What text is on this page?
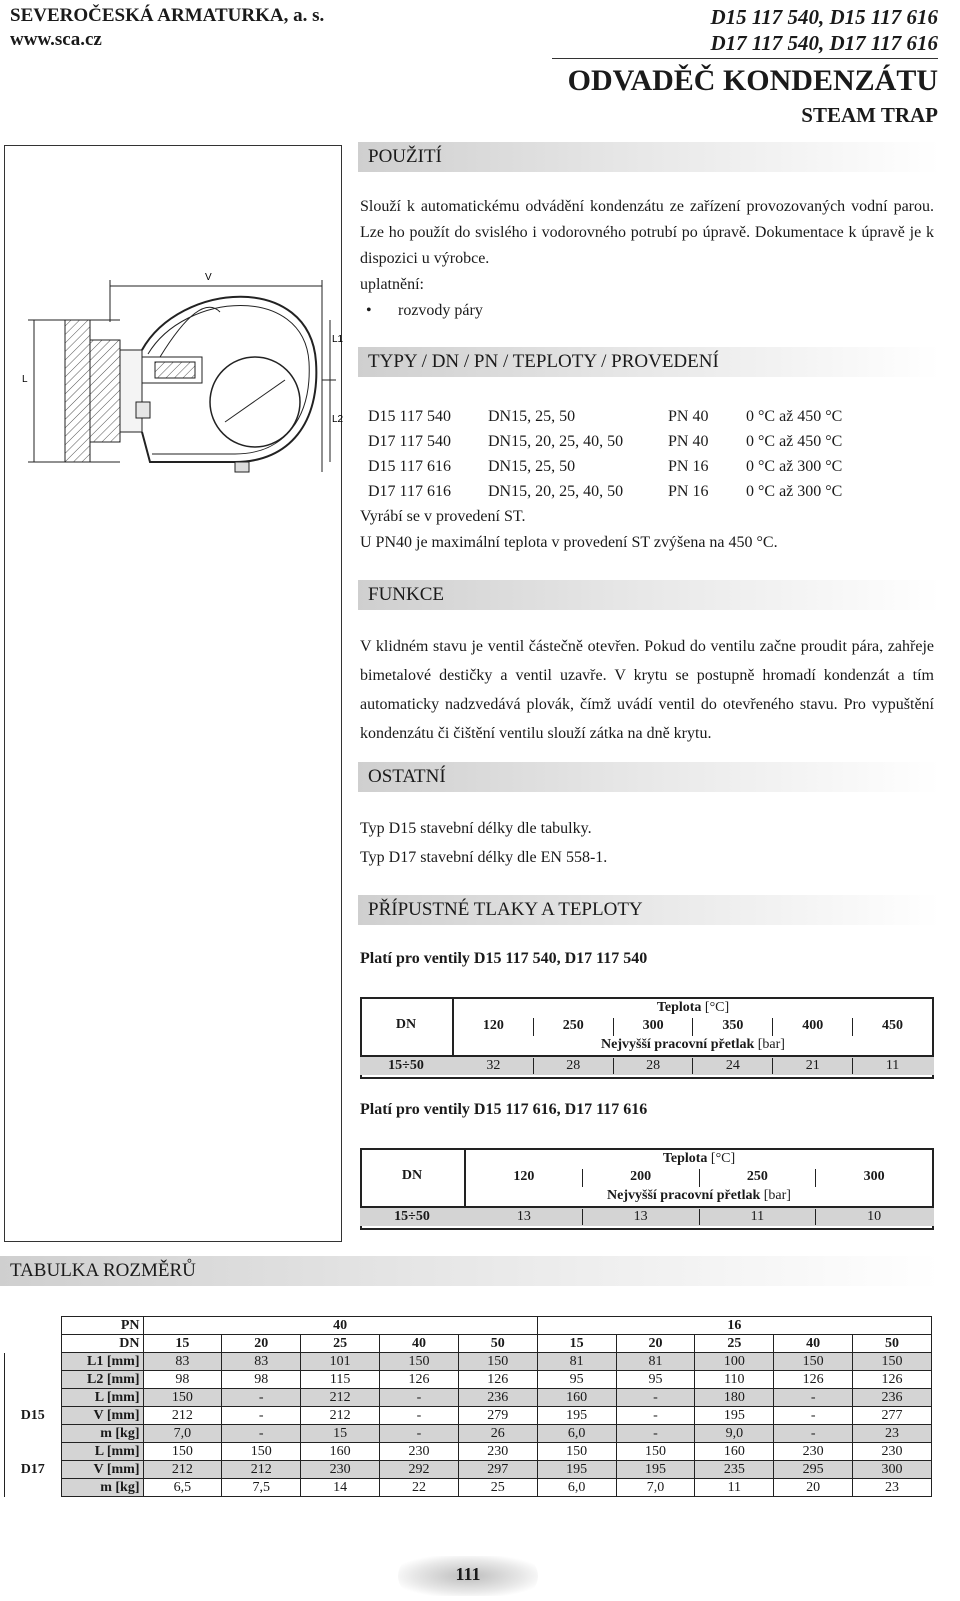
SEVEROČESKÁ ARMATURKA, a. s.
www.sca.cz
D15 117 540, D15 117 616
D17 117 540, D17 117 616
ODVADĚČ KONDENZÁTU
STEAM TRAP
V
L
L1
L2
POUŽITÍ
Slouží k automatickému odvádění kondenzátu ze zařízení provozovaných vodní parou. Lze ho použít do svislého i vodorovného potrubí po úpravě. Dokumentace k úpravě je k dispozici u výrobce.
uplatnění:
• rozvody páry
TYPY / DN / PN / TEPLOTY / PROVEDENÍ
D15 117 540	DN15, 25, 50	PN 40	0 °C až 450 °C
D17 117 540	DN15, 20, 25, 40, 50	PN 40	0 °C až 450 °C
D15 117 616	DN15, 25, 50	PN 16	0 °C až 300 °C
D17 117 616	DN15, 20, 25, 40, 50	PN 16	0 °C až 300 °C
Vyrábí se v provedení ST.
U PN40 je maximální teplota v provedení ST zvýšena na 450 °C.
FUNKCE
V klidném stavu je ventil částečně otevřen. Pokud do ventilu začne proudit pára, zahřeje bimetalové destičky a ventil uzavře. V krytu se postupně hromadí kondenzát a tím automaticky nadzvedává plovák, čímž uvádí ventil do otevřeného stavu. Pro vypuštění kondenzátu či čištění ventilu slouží zátka na dně krytu.
OSTATNÍ
Typ D15 stavební délky dle tabulky.
Typ D17 stavební délky dle EN 558-1.
PŘÍPUSTNÉ TLAKY A TEPLOTY
Platí pro ventily D15 117 540, D17 117 540
DN
Teplota [°C]
Nejvyšší pracovní přetlak [bar]
120	250	300	350	400	450
15÷50	32	28	28	24	21	11
Platí pro ventily D15 117 616, D17 117 616
DN
Teplota [°C]
Nejvyšší pracovní přetlak [bar]
120	200	250	300
15÷50	13	13	11	10
TABULKA ROZMĚRŮ
	PN	40					16				
	DN	15	20	25	40	50	15	20	25	40	50
	L1 [mm]	83	83	101	150	150	81	81	100	150	150
	L2 [mm]	98	98	115	126	126	95	95	110	126	126
	L [mm]	150	-	212	-	236	160	-	180	-	236
D15	V [mm]	212	-	212	-	279	195	-	195	-	277
	m [kg]	7,0	-	15	-	26	6,0	-	9,0	-	23
	L [mm]	150	150	160	230	230	150	150	160	230	230
D17	V [mm]	212	212	230	292	297	195	195	235	295	300
	m [kg]	6,5	7,5	14	22	25	6,0	7,0	11	20	23
111
